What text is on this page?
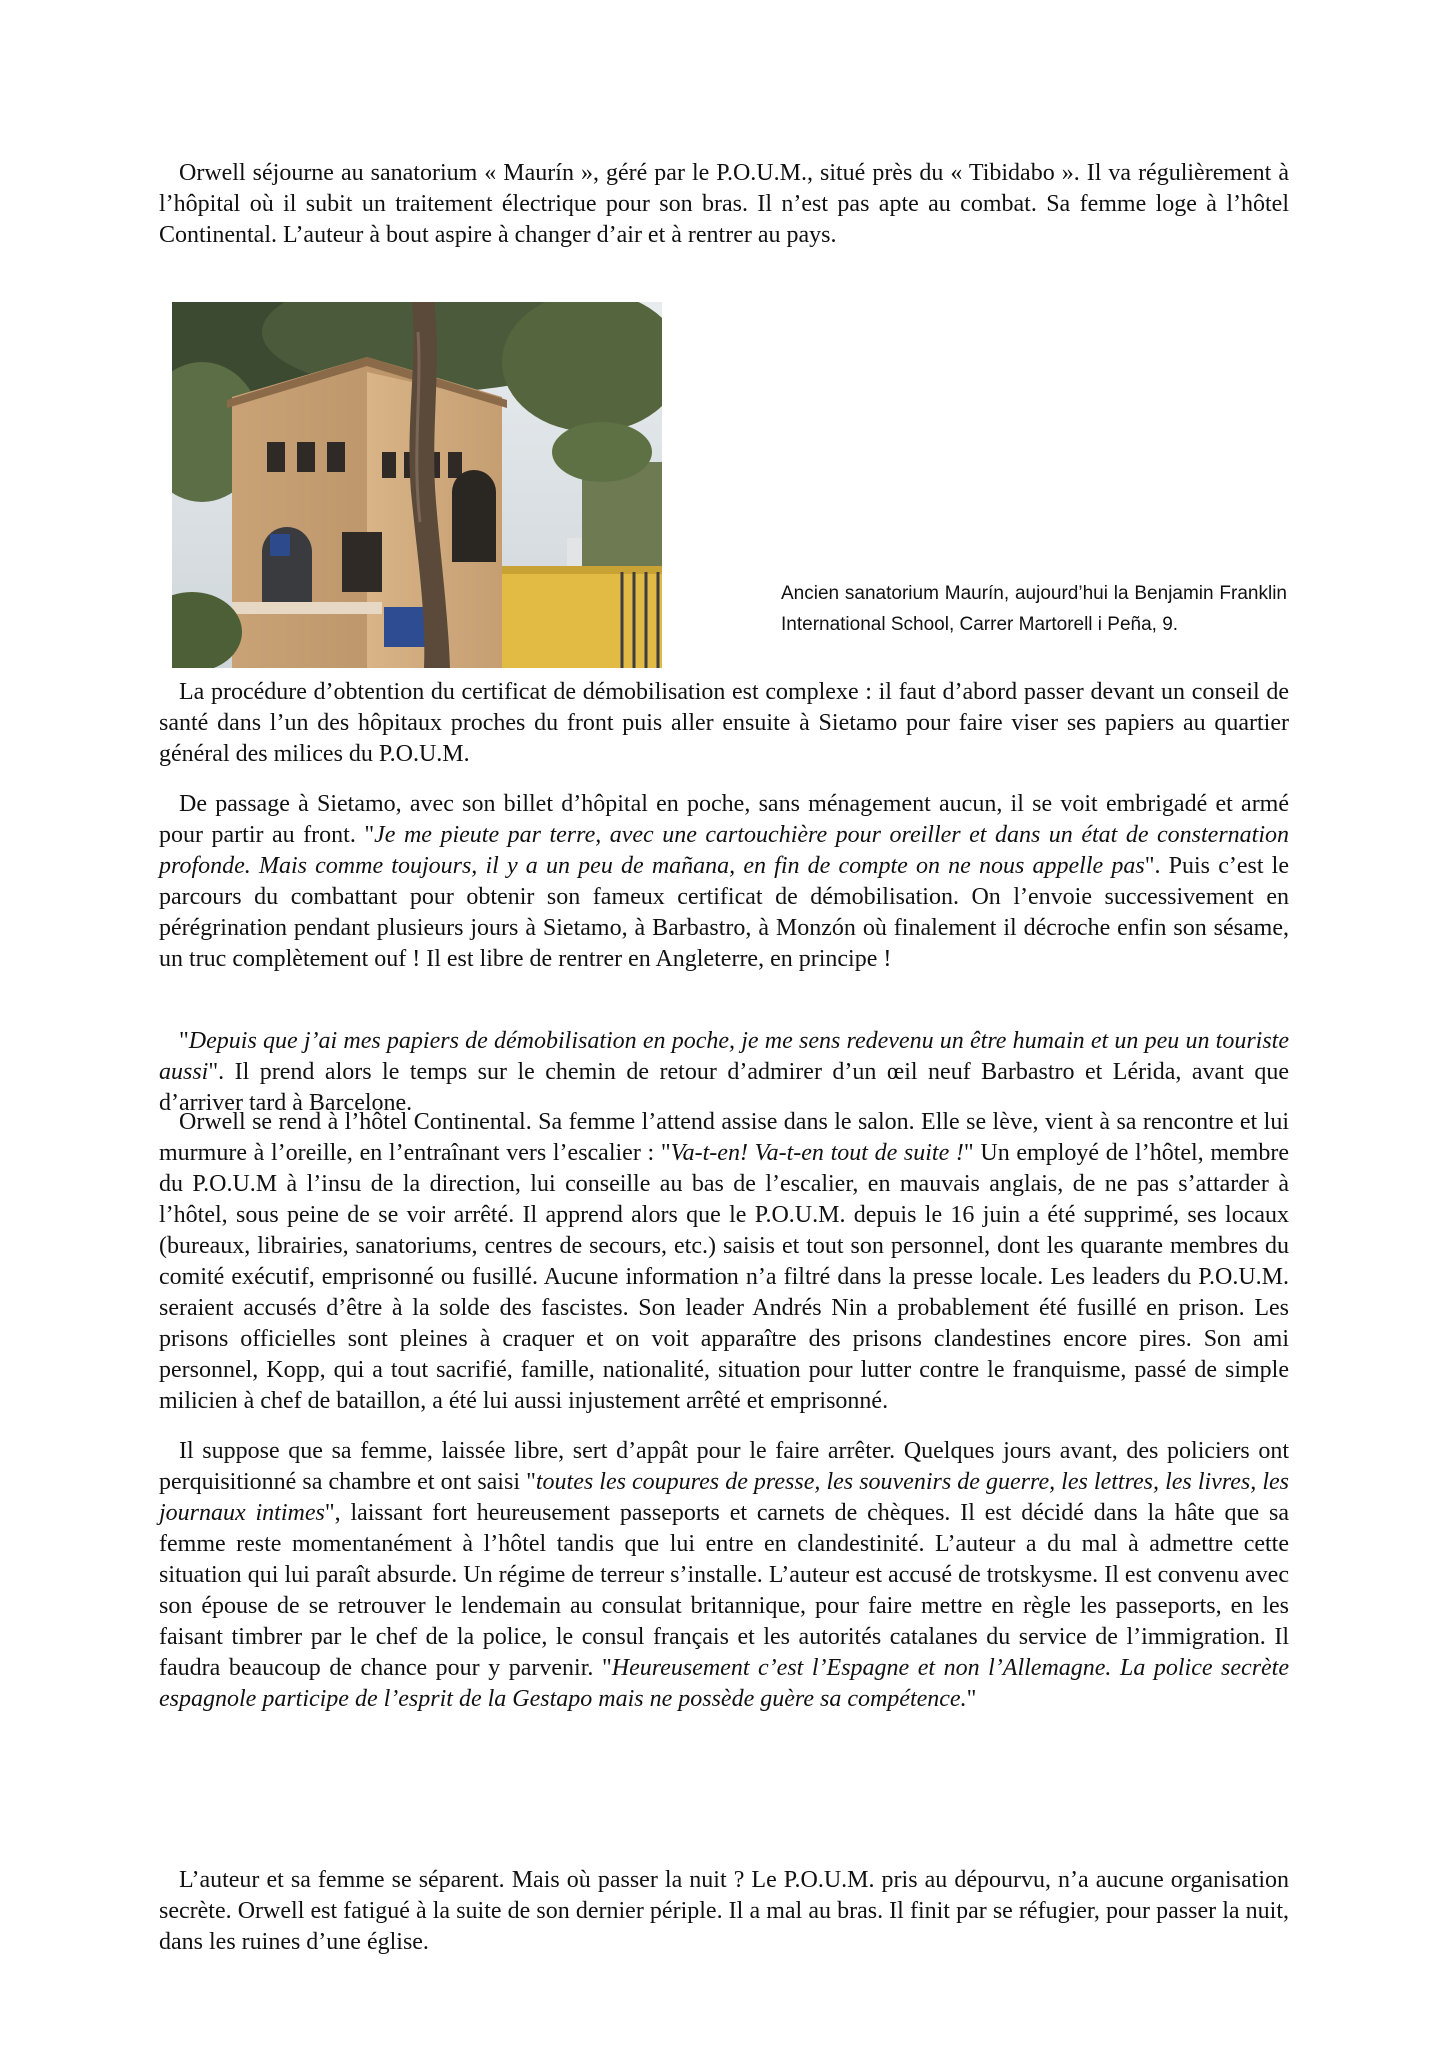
Orwell séjourne au sanatorium « Maurín », géré par le P.O.U.M., situé près du « Tibidabo ». Il va régulièrement à l’hôpital où il subit un traitement électrique pour son bras. Il n’est pas apte au combat. Sa femme loge à l’hôtel Continental. L’auteur à bout aspire à changer d’air et à rentrer au pays.

Ancien sanatorium Maurín, aujourd’hui la Benjamin Franklin International School, Carrer Martorell i Peña, 9.

La procédure d’obtention du certificat de démobilisation est complexe : il faut d’abord passer devant un conseil de santé dans l’un des hôpitaux proches du front puis aller ensuite à Sietamo pour faire viser ses papiers au quartier général des milices du P.O.U.M.

De passage à Sietamo, avec son billet d’hôpital en poche, sans ménagement aucun, il se voit embrigadé et armé pour partir au front. "Je me pieute par terre, avec une cartouchière pour oreiller et dans un état de consternation profonde. Mais comme toujours, il y a un peu de mañana, en fin de compte on ne nous appelle pas". Puis c’est le parcours du combattant pour obtenir son fameux certificat de démobilisation. On l’envoie successivement en pérégrination pendant plusieurs jours à Sietamo, à Barbastro, à Monzón où finalement il décroche enfin son sésame, un truc complètement ouf ! Il est libre de rentrer en Angleterre, en principe !

"Depuis que j’ai mes papiers de démobilisation en poche, je me sens redevenu un être humain et un peu un touriste aussi". Il prend alors le temps sur le chemin de retour d’admirer d’un œil neuf Barbastro et Lérida, avant que d’arriver tard à Barcelone.

Orwell se rend à l’hôtel Continental. Sa femme l’attend assise dans le salon. Elle se lève, vient à sa rencontre et lui murmure à l’oreille, en l’entraînant vers l’escalier : "Va-t-en! Va-t-en tout de suite !" Un employé de l’hôtel, membre du P.O.U.M à l’insu de la direction, lui conseille au bas de l’escalier, en mauvais anglais, de ne pas s’attarder à l’hôtel, sous peine de se voir arrêté. Il apprend alors que le P.O.U.M. depuis le 16 juin a été supprimé, ses locaux (bureaux, librairies, sanatoriums, centres de secours, etc.) saisis et tout son personnel, dont les quarante membres du comité exécutif, emprisonné ou fusillé. Aucune information n’a filtré dans la presse locale. Les leaders du P.O.U.M. seraient accusés d’être à la solde des fascistes. Son leader Andrés Nin a probablement été fusillé en prison. Les prisons officielles sont pleines à craquer et on voit apparaître des prisons clandestines encore pires. Son ami personnel, Kopp, qui a tout sacrifié, famille, nationalité, situation pour lutter contre le franquisme, passé de simple milicien à chef de bataillon, a été lui aussi injustement arrêté et emprisonné.

Il suppose que sa femme, laissée libre, sert d’appât pour le faire arrêter. Quelques jours avant, des policiers ont perquisitionné sa chambre et ont saisi "toutes les coupures de presse, les souvenirs de guerre, les lettres, les livres, les journaux intimes", laissant fort heureusement passeports et carnets de chèques. Il est décidé dans la hâte que sa femme reste momentanément à l’hôtel tandis que lui entre en clandestinité. L’auteur a du mal à admettre cette situation qui lui paraît absurde. Un régime de terreur s’installe. L’auteur est accusé de trotskysme. Il est convenu avec son épouse de se retrouver le lendemain au consulat britannique, pour faire mettre en règle les passeports, en les faisant timbrer par le chef de la police, le consul français et les autorités catalanes du service de l’immigration. Il faudra beaucoup de chance pour y parvenir. "Heureusement c’est l’Espagne et non l’Allemagne. La police secrète espagnole participe de l’esprit de la Gestapo mais ne possède guère sa compétence."

L’auteur et sa femme se séparent. Mais où passer la nuit ? Le P.O.U.M. pris au dépourvu, n’a aucune organisation secrète. Orwell est fatigué à la suite de son dernier périple. Il a mal au bras. Il finit par se réfugier, pour passer la nuit, dans les ruines d’une église.
